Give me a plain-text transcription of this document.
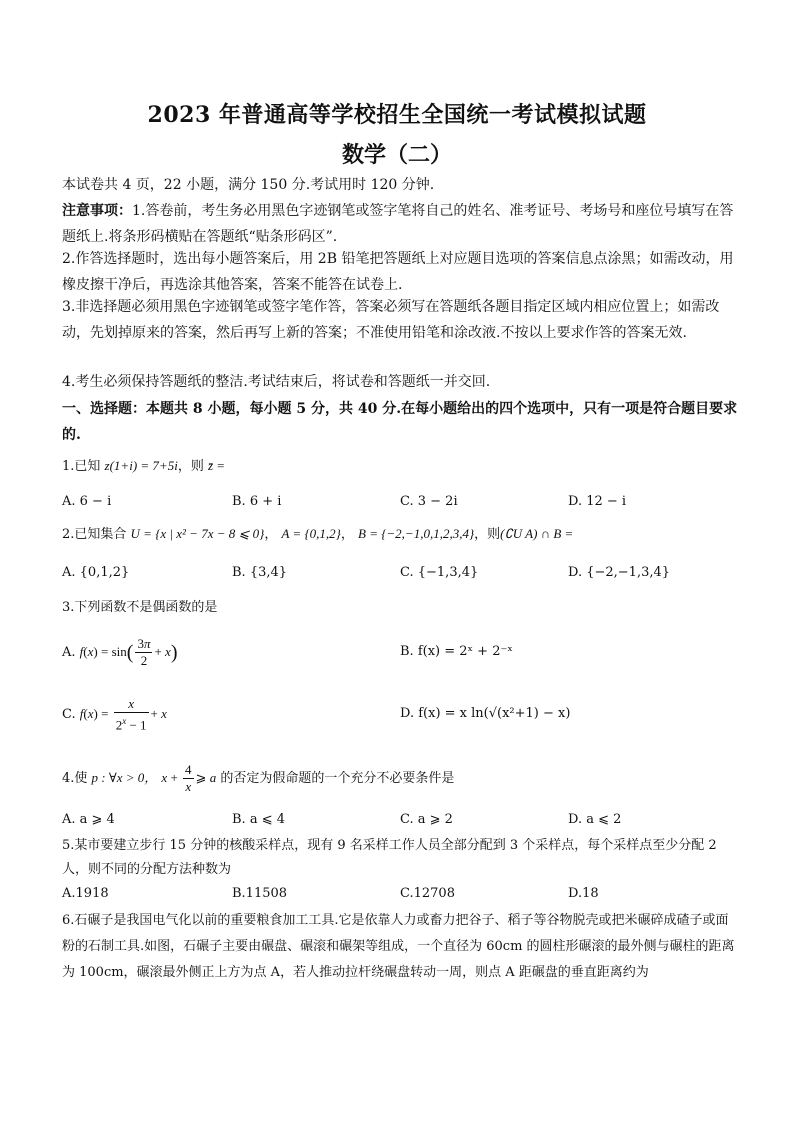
2023 年普通高等学校招生全国统一考试模拟试题
数学（二）
本试卷共 4 页，22 小题，满分 150 分.考试用时 120 分钟.
注意事项：1.答卷前，考生务必用黑色字迹钢笔或签字笔将自己的姓名、准考证号、考场号和座位号填写在答题纸上.将条形码横贴在答题纸“贴条形码区”.
2.作答选择题时，选出每小题答案后，用 2B 铅笔把答题纸上对应题目选项的答案信息点涂黑；如需改动，用橡皮擦干净后，再选涂其他答案，答案不能答在试卷上.
3.非选择题必须用黑色字迹钢笔或签字笔作答，答案必须写在答题纸各题目指定区域内相应位置上；如需改动，先划掉原来的答案，然后再写上新的答案；不准使用铅笔和涂改液.不按以上要求作答的答案无效.
4.考生必须保持答题纸的整洁.考试结束后，将试卷和答题纸一并交回.
一、选择题：本题共 8 小题，每小题 5 分，共 40 分.在每小题给出的四个选项中，只有一项是符合题目要求的.
1.已知 z(1+i) = 7+5i，则 z̄ =
A. 6 − i	B. 6 + i	C. 3 − 2i	D. 12 − i
2.已知集合 U = {x | x² − 7x − 8 ⩽ 0}， A = {0,1,2}， B = {−2,−1,0,1,2,3,4}，则(∁U A) ∩ B =
A. {0,1,2}	B. {3,4}	C. {−1,3,4}	D. {−2,−1,3,4}
3.下列函数不是偶函数的是
A. $f(x) = \sin( \frac{3\pi}{2} + x)$	B. f(x) = 2ˣ + 2⁻ˣ
C. $f(x) = \frac{x}{2^x - 1} + x$	D. f(x) = x ln(√(x²+1) − x)
4.使 p : ∀x > 0， $x + \frac{4}{x}$ ⩾ a 的否定为假命题的一个充分不必要条件是
A. a ⩾ 4	B. a ⩽ 4	C. a ⩾ 2	D. a ⩽ 2
5.某市要建立步行 15 分钟的核酸采样点，现有 9 名采样工作人员全部分配到 3 个采样点，每个采样点至少分配 2 人，则不同的分配方法种数为
A.1918	B.11508	C.12708	D.18
6.石碾子是我国电气化以前的重要粮食加工工具.它是依靠人力或畜力把谷子、稻子等谷物脱壳或把米碾碎成碴子或面粉的石制工具.如图，石碾子主要由碾盘、碾滚和碾架等组成，一个直径为 60cm 的圆柱形碾滚的最外侧与碾柱的距离为 100cm，碾滚最外侧正上方为点 A，若人推动拉杆绕碾盘转动一周，则点 A 距碾盘的垂直距离约为
